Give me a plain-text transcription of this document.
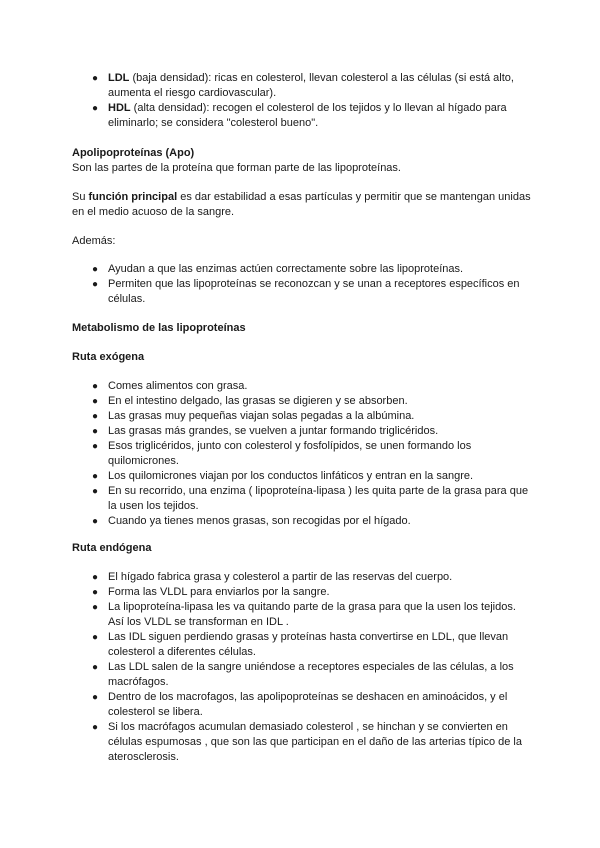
● LDL (baja densidad): ricas en colesterol, llevan colesterol a las células (si está alto, aumenta el riesgo cardiovascular).
● HDL (alta densidad): recogen el colesterol de los tejidos y lo llevan al hígado para eliminarlo; se considera "colesterol bueno".

Apolipoproteínas (Apo)

Son las partes de la proteína que forman parte de las lipoproteínas.

Su función principal es dar estabilidad a esas partículas y permitir que se mantengan unidas en el medio acuoso de la sangre.

Además:

● Ayudan a que las enzimas actúen correctamente sobre las lipoproteínas.
● Permiten que las lipoproteínas se reconozcan y se unan a receptores específicos en células.

Metabolismo de las lipoproteínas

Ruta exógena

● Comes alimentos con grasa.
● En el intestino delgado, las grasas se digieren y se absorben.
● Las grasas muy pequeñas viajan solas pegadas a la albúmina.
● Las grasas más grandes, se vuelven a juntar formando triglicéridos.
● Esos triglicéridos, junto con colesterol y fosfolípidos, se unen formando los quilomicrones.
● Los quilomicrones viajan por los conductos linfáticos y entran en la sangre.
● En su recorrido, una enzima ( lipoproteína-lipasa ) les quita parte de la grasa para que la usen los tejidos.
● Cuando ya tienes menos grasas, son recogidas por el hígado.

Ruta endógena

● El hígado fabrica grasa y colesterol a partir de las reservas del cuerpo.
● Forma las VLDL para enviarlos por la sangre.
● La lipoproteína-lipasa les va quitando parte de la grasa para que la usen los tejidos. Así los VLDL se transforman en IDL .
● Las IDL siguen perdiendo grasas y proteínas hasta convertirse en LDL, que llevan colesterol a diferentes células.
● Las LDL salen de la sangre uniéndose a receptores especiales de las células, a los macrófagos.
● Dentro de los macrofagos, las apolipoproteínas se deshacen en aminoácidos, y el colesterol se libera.
● Si los macrófagos acumulan demasiado colesterol , se hinchan y se convierten en células espumosas , que son las que participan en el daño de las arterias típico de la aterosclerosis.
